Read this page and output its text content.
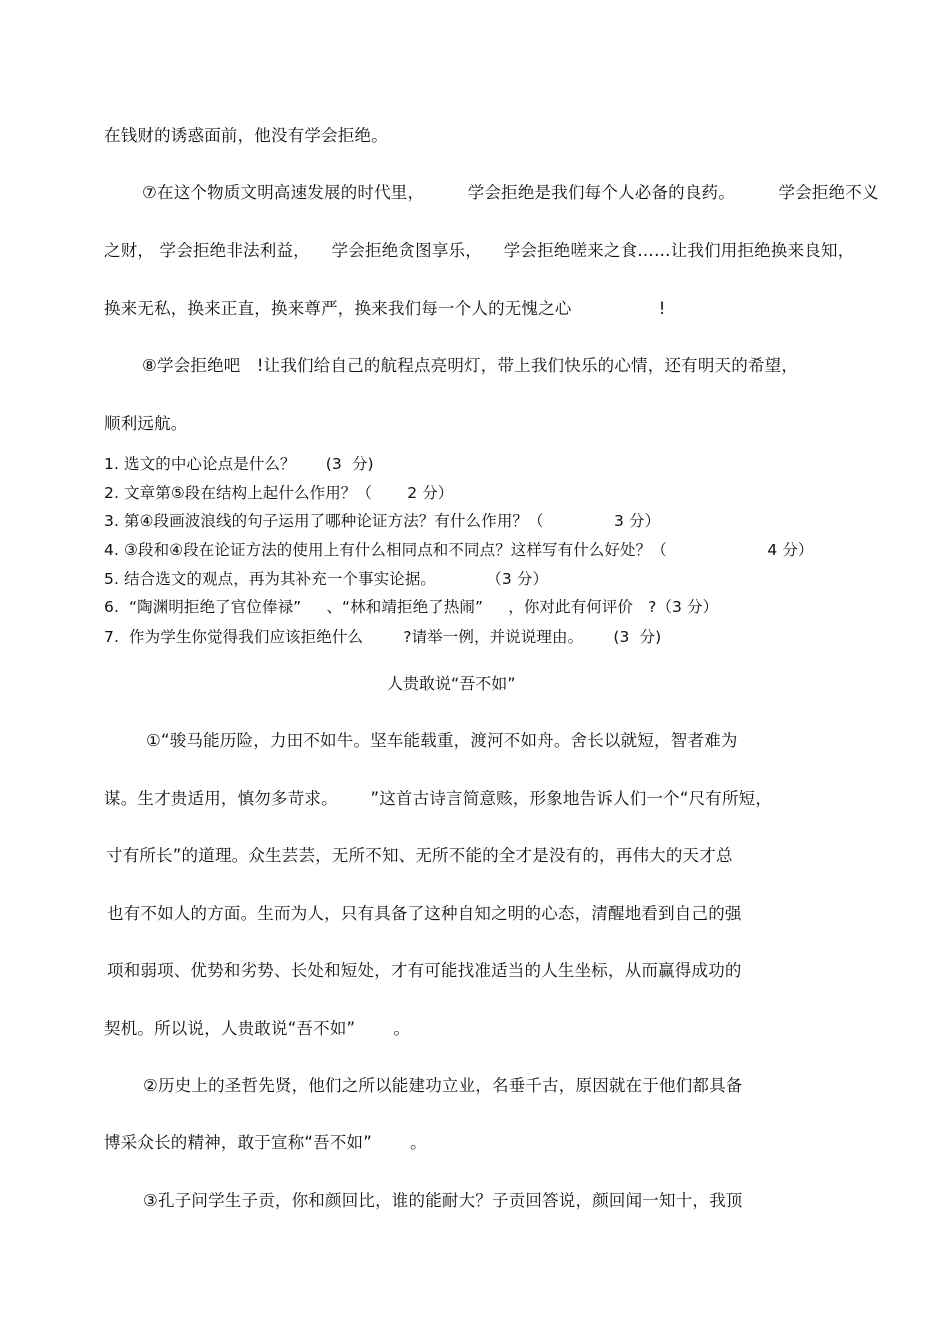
在钱财的诱惑面前，他没有学会拒绝。

⑦在这个物质文明高速发展的时代里，        学会拒绝是我们每个人必备的良药。        学会拒绝不义

之财， 学会拒绝非法利益，    学会拒绝贪图享乐，    学会拒绝嗟来之食……让我们用拒绝换来良知，

换来无私，换来正直，换来尊严，换来我们每一个人的无愧之心                !

⑧学会拒绝吧   !让我们给自己的航程点亮明灯，带上我们快乐的心情，还有明天的希望，

顺利远航。

1. 选文的中心论点是什么？      (3  分)

2. 文章第⑤段在结构上起什么作用？（       2 分）

3. 第④段画波浪线的句子运用了哪种论证方法？有什么作用？（              3 分）

4. ③段和④段在论证方法的使用上有什么相同点和不同点？这样写有什么好处？（                    4 分）

5. 结合选文的观点，再为其补充一个事实论据。          （3 分）

6.  “陶渊明拒绝了官位俸禄”     、“林和靖拒绝了热闹”     ，你对此有何评价   ?（3 分）

7.  作为学生你觉得我们应该拒绝什么        ?请举一例，并说说理由。      (3  分)

人贵敢说“吾不如”

①“骏马能历险，力田不如牛。坚车能载重，渡河不如舟。舍长以就短，智者难为

谋。生才贵适用，慎勿多苛求。      ”这首古诗言简意赅，形象地告诉人们一个“尺有所短，

寸有所长”的道理。众生芸芸，无所不知、无所不能的全才是没有的，再伟大的天才总

也有不如人的方面。生而为人，只有具备了这种自知之明的心态，清醒地看到自己的强

项和弱项、优势和劣势、长处和短处，才有可能找准适当的人生坐标，从而赢得成功的

契机。所以说，人贵敢说“吾不如”       。

②历史上的圣哲先贤，他们之所以能建功立业，名垂千古，原因就在于他们都具备

博采众长的精神，敢于宣称“吾不如”       。

③孔子问学生子贡，你和颜回比，谁的能耐大？子贡回答说，颜回闻一知十，我顶
